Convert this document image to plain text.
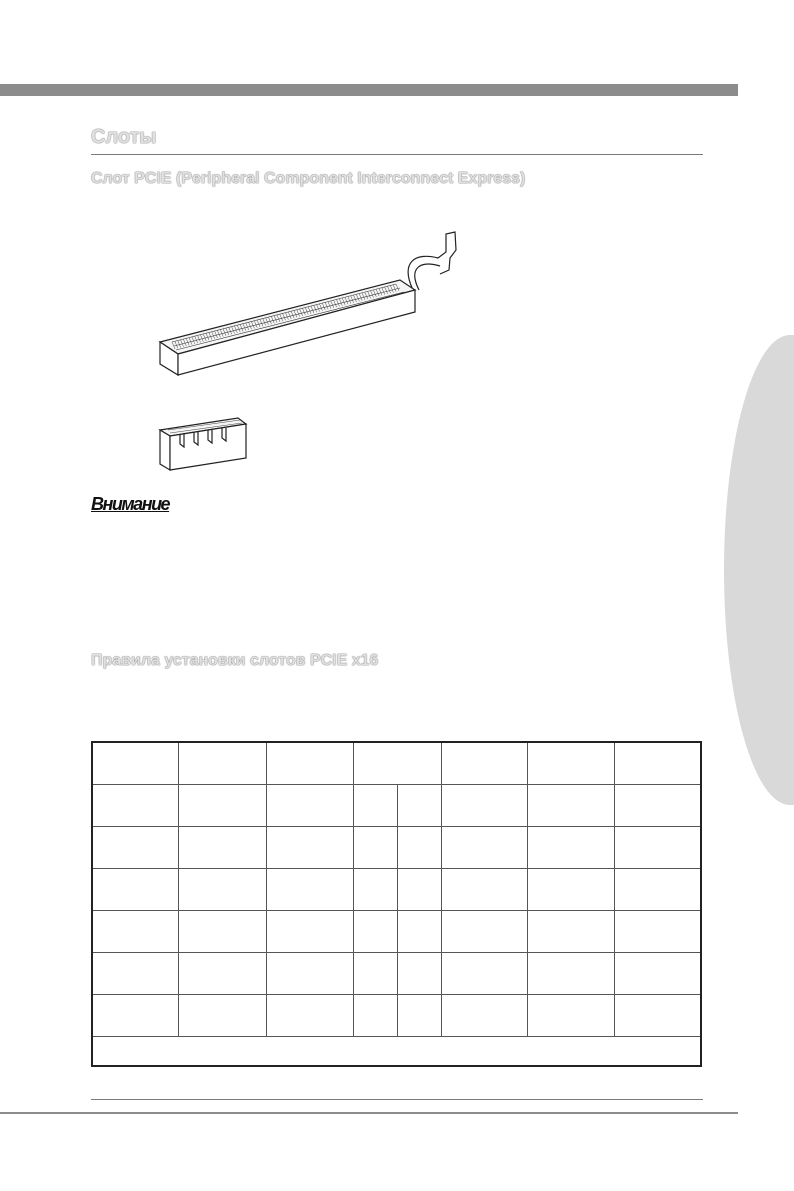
Слоты
Слот PCIE (Peripheral Component Interconnect Express)
Внимание
Правила установки слотов PCIE x16
